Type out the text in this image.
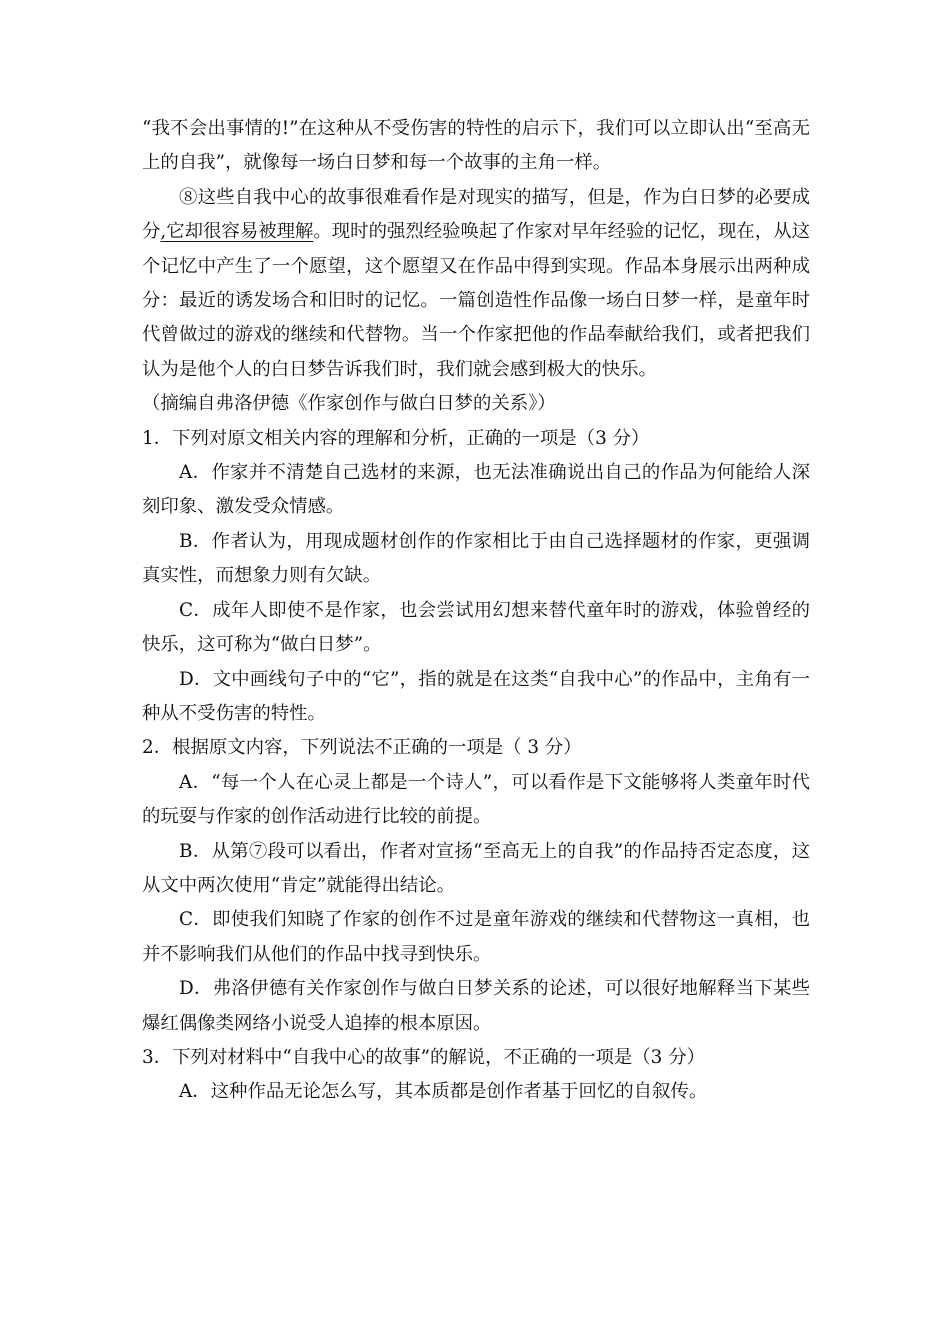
“我不会出事情的!”在这种从不受伤害的特性的启示下，我们可以立即认出“至高无上的自我”，就像每一场白日梦和每一个故事的主角一样。

⑧这些自我中心的故事很难看作是对现实的描写，但是，作为白日梦的必要成分,它却很容易被理解。现时的强烈经验唤起了作家对早年经验的记忆，现在，从这个记忆中产生了一个愿望，这个愿望又在作品中得到实现。作品本身展示出两种成分：最近的诱发场合和旧时的记忆。一篇创造性作品像一场白日梦一样，是童年时代曾做过的游戏的继续和代替物。当一个作家把他的作品奉献给我们，或者把我们认为是他个人的白日梦告诉我们时，我们就会感到极大的快乐。

（摘编自弗洛伊德《作家创作与做白日梦的关系》）

1．下列对原文相关内容的理解和分析，正确的一项是（3 分）

A．作家并不清楚自己选材的来源，也无法准确说出自己的作品为何能给人深刻印象、激发受众情感。

B．作者认为，用现成题材创作的作家相比于由自己选择题材的作家，更强调真实性，而想象力则有欠缺。

C．成年人即使不是作家，也会尝试用幻想来替代童年时的游戏，体验曾经的快乐，这可称为“做白日梦”。

D．文中画线句子中的“它”，指的就是在这类“自我中心”的作品中，主角有一种从不受伤害的特性。

2．根据原文内容，下列说法不正确的一项是（ 3 分）

A．“每一个人在心灵上都是一个诗人”，可以看作是下文能够将人类童年时代的玩耍与作家的创作活动进行比较的前提。

B．从第⑦段可以看出，作者对宣扬“至高无上的自我”的作品持否定态度，这从文中两次使用“肯定”就能得出结论。

C．即使我们知晓了作家的创作不过是童年游戏的继续和代替物这一真相，也并不影响我们从他们的作品中找寻到快乐。

D．弗洛伊德有关作家创作与做白日梦关系的论述，可以很好地解释当下某些爆红偶像类网络小说受人追捧的根本原因。

3．下列对材料中“自我中心的故事”的解说，不正确的一项是（3 分）

A．这种作品无论怎么写，其本质都是创作者基于回忆的自叙传。
